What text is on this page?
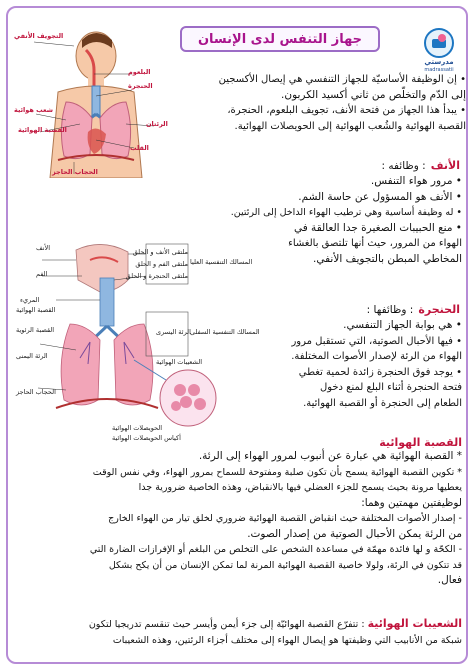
جهاز التنفس لدى الإنسان
مدرستي
madrassatii
التجويف الأنفي
البلعوم
الحنجرة
شعب هوائية
القصبة الهوائية
الرئتان
القلب
الحجاب الحاجز
• إن الوظيفة الأساسيّة للجهاز التنفسي هي إيصال الأكسجين
إلى الدّم والتخلّص من ثاني أكسيد الكربون.
• يبدأ هذا الجهاز من فتحة الأنف، تجويف البلعوم، الحنجرة،
القصبة الهوائية والشُعب الهوائية إلى الحويصلات الهوائية.
الأنف : وظائفه :
• مرور هواء التنفس.
• الأنف هو المسؤول عن حاسة الشم.
• له وظيفة أساسية وهي ترطيب الهواء الداخل إلى الرئتين.
• منع الحبيبات الصغيرة جدا العالقة في
الهواء من المرور، حيث أنها تلتصق بالغشاء
المخاطي المبطن بالتجويف الأنفي.
الأنف
الفم
المريء
القصبة الهوائية
القصبة الرئوية
الرئة اليمنى
الرئة اليسرى
الشعيبات الهوائية
الحجاب الحاجز
الحويصلات الهوائية
أكياس الحويصلات الهوائية
المسالك التنفسية العليا
المسالك التنفسية السفلى
ملتقى الأنف و الحلق
ملتقى الفم و الحلق
ملتقى الحنجرة و الحلق
الحنجرة : وظائفها :
• هي بوابة الجهاز التنفسي.
• فيها الأحبال الصوتية، التي تستقبل مرور
الهواء من الرئة لإصدار الأصوات المختلفة.
• يوجد فوق الحنجرة زائدة لحمية تغطي
فتحة الحنجرة أثناء البلع لمنع دخول
الطعام إلى الحنجرة أو القصبة الهوائية.
القصبة الهوائية
* القصبة الهوائية هي عبارة عن أنبوب لمرور الهواء إلى الرئة.
* تكوين القصبة الهوائية يسمح بأن تكون صلبة ومفتوحة للسماح بمرور الهواء، وفي نفس الوقت
يعطيها مرونة بحيث يسمح للجزء العضلي فيها بالانقباض، وهذه الخاصية ضرورية جدا
لوظيفتين مهمتين وهما:
- إصدار الأصوات المختلفة حيث انقباض القصبة الهوائية ضروري لخلق تيار من الهواء الخارج
من الرئة يمكن الأحبال الصوتية من إصدار الصوت.
- الكحّة و لها فائدة مهمّة في مساعدة الشخص على التخلص من البلغم أو الإفرازات الضارة التي
قد تتكون في الرئة، ولولا خاصية القصبة الهوائية المرنة لما تمكن الإنسان من أن يكح بشكل
فعال.
الشعيبات الهوائية : تتفرّع القصبة الهوائيّة إلى جزء أيمن وأيسر حيث تنقسم تدريجيا لتكون
شبكة من الأنابيب التي وظيفتها هو إيصال الهواء إلى مختلف أجزاء الرئتين، وهذه الشعيبات
